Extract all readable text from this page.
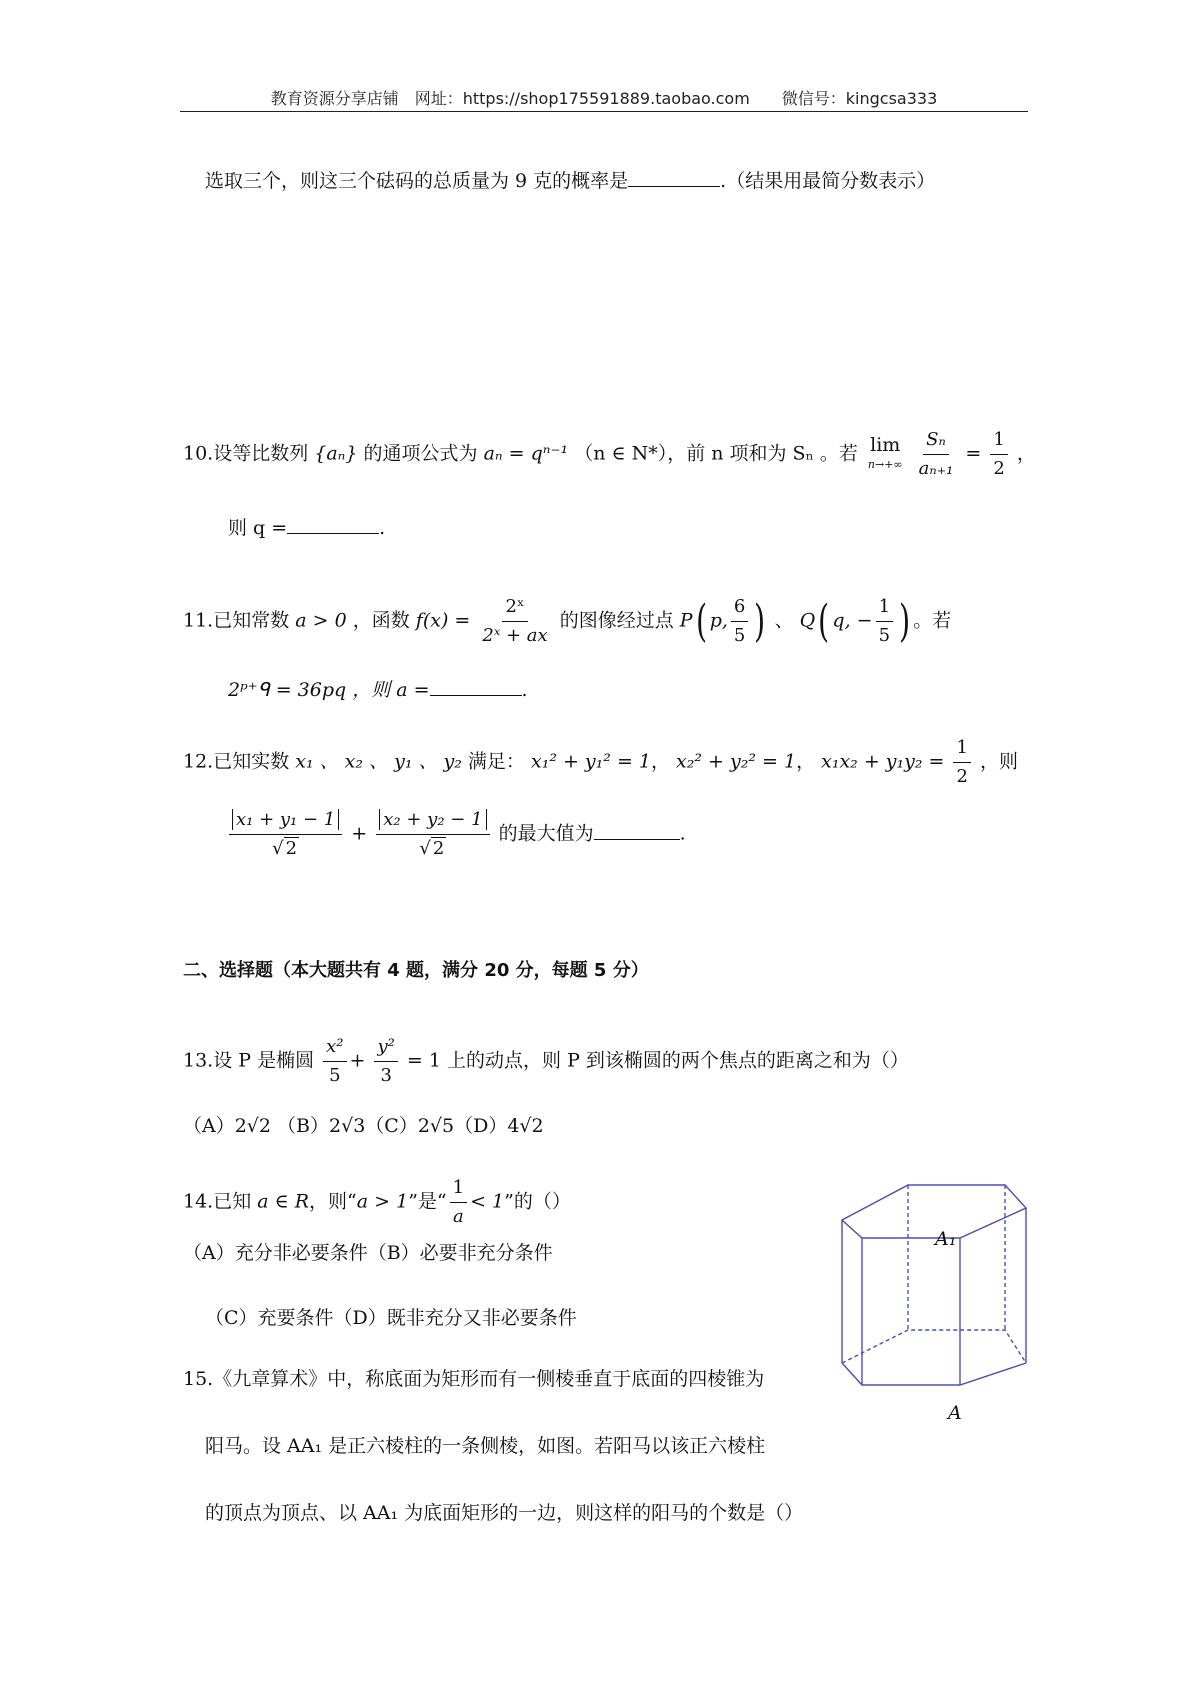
教育资源分享店铺　网址：https://shop175591889.taobao.com　　微信号：kingcsa333
选取三个，则这三个砝码的总质量为 9 克的概率是	.（结果用最简分数表示）
10.设等比数列 {aₙ} 的通项公式为 aₙ = qⁿ⁻¹ （n ∈ N*），前 n 项和为 Sₙ 。若 lim
n→+∞
$\frac{\text{Sₙ}}{\text{aₙ₊₁}} = \frac{1}{2}$ ，
则 q =	.
11.已知常数 a > 0 ，函数 $f(x) = \frac{\text{2ˣ}}{\text{2ˣ + ax}}$ 的图像经过点 P( p, $\frac{6}{5}$ ) 、 Q( q, − $\frac{1}{5}$ ) 。若
2ᵖ⁺ᑫ = 36pq ，则 a =	.
12.已知实数 x₁ 、 x₂ 、 y₁ 、 y₂ 满足： x₁² + y₁² = 1， x₂² + y₂² = 1， $x_1x_2 + y_1y_2 = \frac{1}{2}$ ，则
$\frac{\text{x₁ + y₁ − 1}}{√ 2} + \frac{\text{x₂ + y₂ − 1}}{√ 2}$ 的最大值为	.
二、选择题（本大题共有 4 题，满分 20 分，每题 5 分）
13.设 P 是椭圆 $\frac{\text{x²}}{5} + \frac{\text{y²}}{3} = 1$ 上的动点，则 P 到该椭圆的两个焦点的距离之和为（）
（A）2√2 （B）2√3（C）2√5（D）4√2
14.已知 a ∈ R，则“a > 1”是“ $\frac{1}{a} < 1$”的（）
（A）充分非必要条件（B）必要非充分条件
（C）充要条件（D）既非充分又非必要条件
15.《九章算术》中，称底面为矩形而有一侧棱垂直于底面的四棱锥为
阳马。设 AA₁ 是正六棱柱的一条侧棱，如图。若阳马以该正六棱柱
的顶点为顶点、以 AA₁ 为底面矩形的一边，则这样的阳马的个数是（）
A₁
A
